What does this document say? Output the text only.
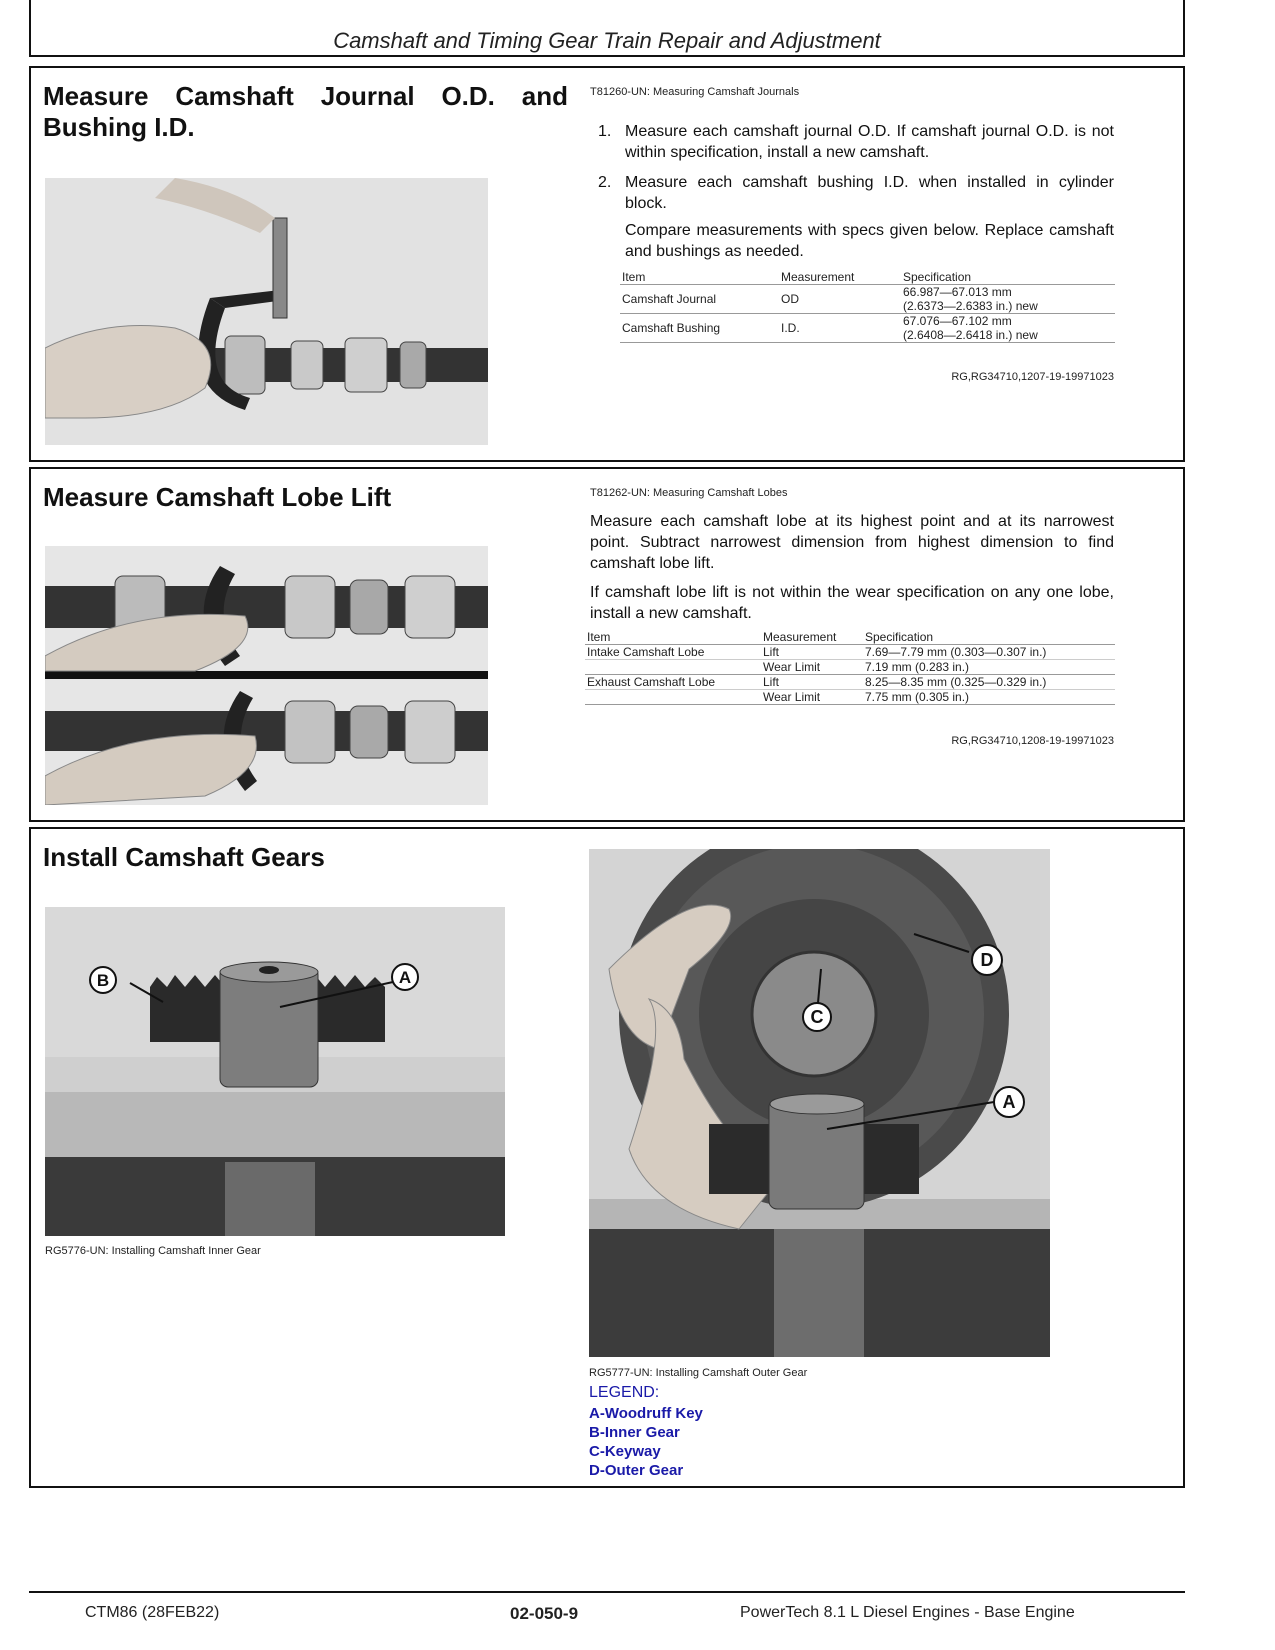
Camshaft and Timing Gear Train Repair and Adjustment
Measure Camshaft Journal O.D. and
Bushing I.D.
T81260-UN: Measuring Camshaft Journals
1. Measure each camshaft journal O.D. If camshaft journal O.D. is not within specification, install a new camshaft.
2. Measure each camshaft bushing I.D. when installed in cylinder block.
Compare measurements with specs given below. Replace camshaft and bushings as needed.
Item	Measurement	Specification
Camshaft Journal	OD	66.987—67.013 mm
(2.6373—2.6383 in.) new

Camshaft Bushing	I.D.	67.076—67.102 mm
(2.6408—2.6418 in.) new
RG,RG34710,1207-19-19971023
Measure Camshaft Lobe Lift	T81262-UN: Measuring Camshaft Lobes
Measure each camshaft lobe at its highest point and at its narrowest point. Subtract narrowest dimension from highest dimension to find camshaft lobe lift.
If camshaft lobe lift is not within the wear specification on any one lobe, install a new camshaft.
Item	Measurement	Specification
Intake Camshaft Lobe	Lift	7.69—7.79 mm (0.303—0.307 in.)
	Wear Limit	7.19 mm (0.283 in.)
Exhaust Camshaft Lobe	Lift	8.25—8.35 mm (0.325—0.329 in.)
	Wear Limit	7.75 mm (0.305 in.)
RG,RG34710,1208-19-19971023
Install Camshaft Gears
B	A
RG5776-UN: Installing Camshaft Inner Gear
C
D
A
RG5777-UN: Installing Camshaft Outer Gear
LEGEND:
A-Woodruff Key
B-Inner Gear
C-Keyway
D-Outer Gear
CTM86 (28FEB22)	02-050-9	PowerTech 8.1 L Diesel Engines - Base Engine
